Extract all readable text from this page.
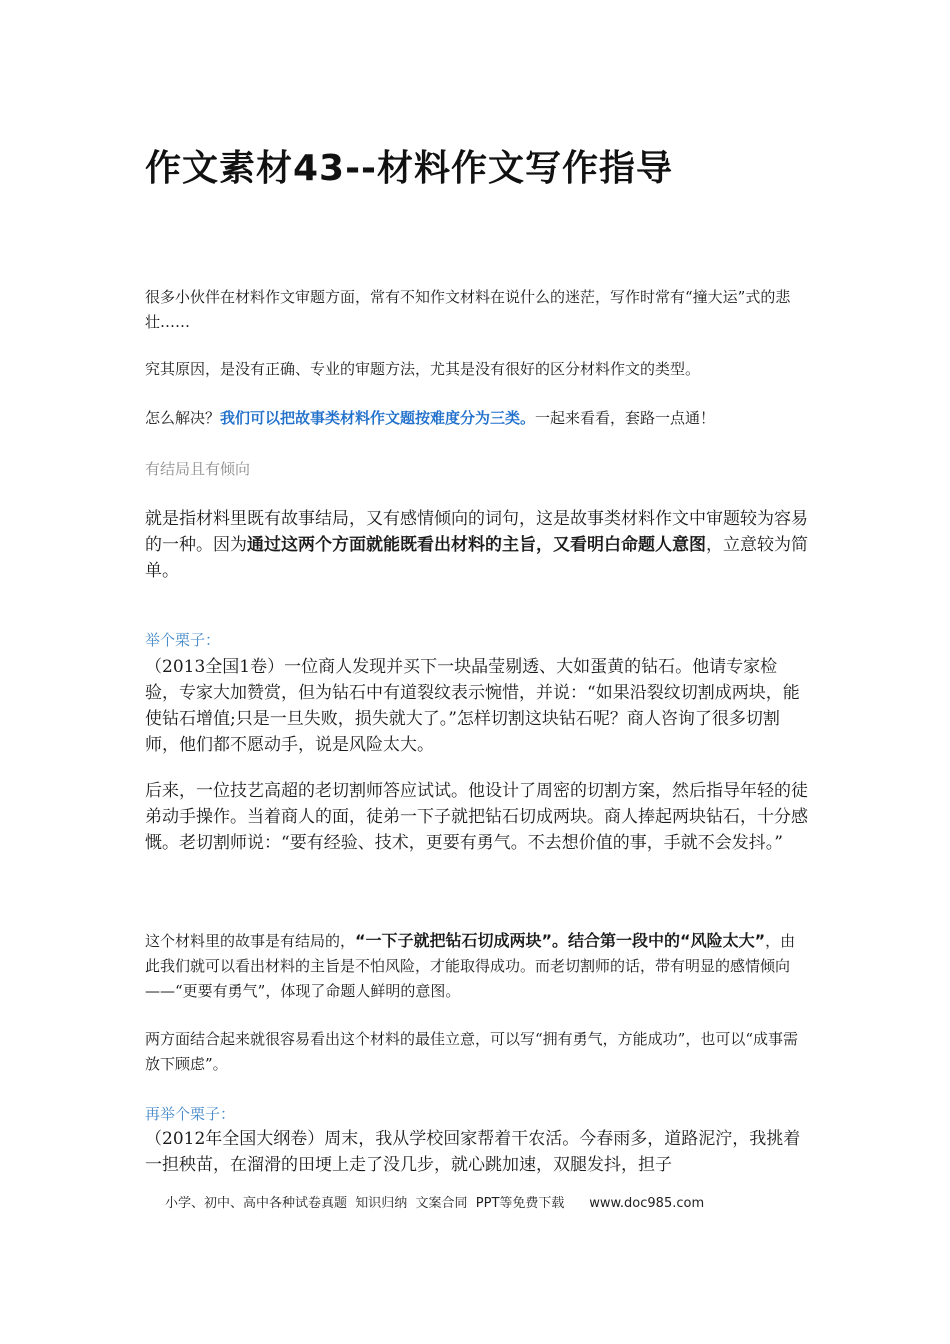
作文素材43--材料作文写作指导

很多小伙伴在材料作文审题方面，常有不知作文材料在说什么的迷茫，写作时常有“撞大运”式的悲壮……

究其原因，是没有正确、专业的审题方法，尤其是没有很好的区分材料作文的类型。

怎么解决？我们可以把故事类材料作文题按难度分为三类。一起来看看，套路一点通！

有结局且有倾向

就是指材料里既有故事结局，又有感情倾向的词句，这是故事类材料作文中审题较为容易的一种。因为通过这两个方面就能既看出材料的主旨，又看明白命题人意图，立意较为简单。

举个栗子：

（2013全国1卷）一位商人发现并买下一块晶莹剔透、大如蛋黄的钻石。他请专家检验，专家大加赞赏，但为钻石中有道裂纹表示惋惜，并说：“如果沿裂纹切割成两块，能使钻石增值;只是一旦失败，损失就大了。”怎样切割这块钻石呢？商人咨询了很多切割师，他们都不愿动手，说是风险太大。

后来，一位技艺高超的老切割师答应试试。他设计了周密的切割方案，然后指导年轻的徒弟动手操作。当着商人的面，徒弟一下子就把钻石切成两块。商人捧起两块钻石，十分感慨。老切割师说：“要有经验、技术，更要有勇气。不去想价值的事，手就不会发抖。”

这个材料里的故事是有结局的，“一下子就把钻石切成两块”。结合第一段中的“风险太大”，由此我们就可以看出材料的主旨是不怕风险，才能取得成功。而老切割师的话，带有明显的感情倾向——“更要有勇气”，体现了命题人鲜明的意图。

两方面结合起来就很容易看出这个材料的最佳立意，可以写“拥有勇气，方能成功”，也可以“成事需放下顾虑”。

再举个栗子：

（2012年全国大纲卷）周末，我从学校回家帮着干农活。今春雨多，道路泥泞，我挑着一担秧苗，在溜滑的田埂上走了没几步，就心跳加速，双腿发抖，担子

小学、初中、高中各种试卷真题  知识归纳  文案合同  PPT等免费下载 www.doc985.com
